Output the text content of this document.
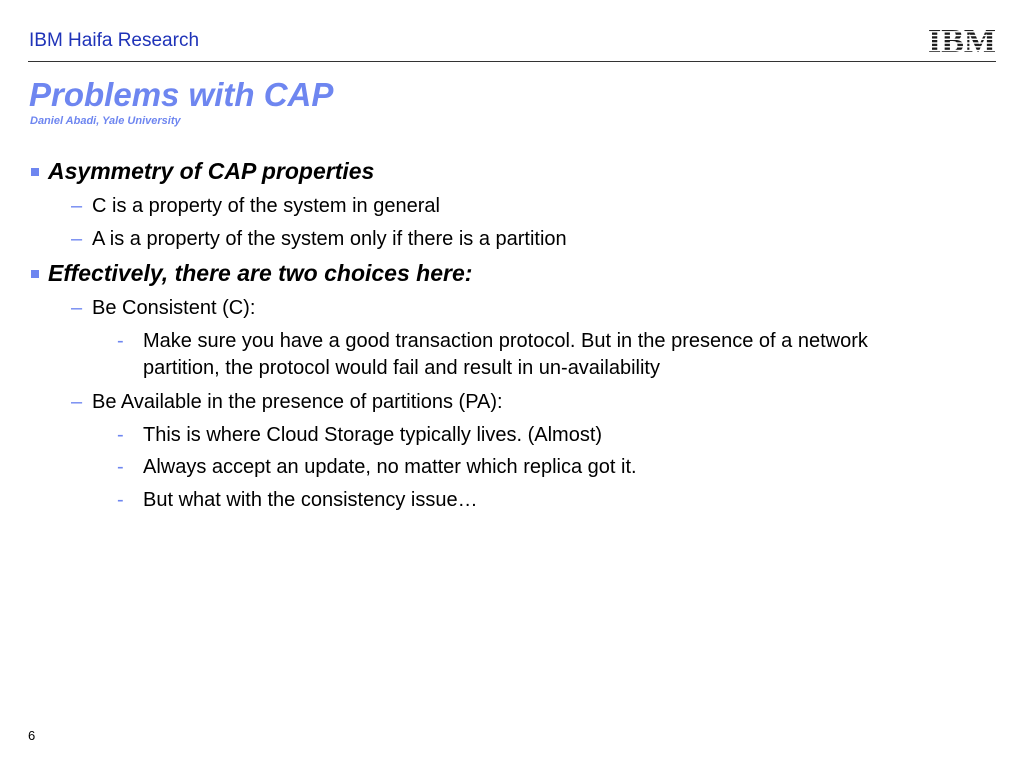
IBM Haifa Research
Problems with CAP
Daniel Abadi, Yale University
Asymmetry of CAP properties
– C is a property of the system in general
– A is a property of the system only if there is a partition
Effectively, there are two choices here:
– Be Consistent (C):
- Make sure you have a good transaction protocol. But in the presence of a network
partition, the protocol would fail and result in un-availability
– Be Available in the presence of partitions (PA):
- This is where Cloud Storage typically lives. (Almost)
- Always accept an update, no matter which replica got it.
- But what with the consistency issue…
6
